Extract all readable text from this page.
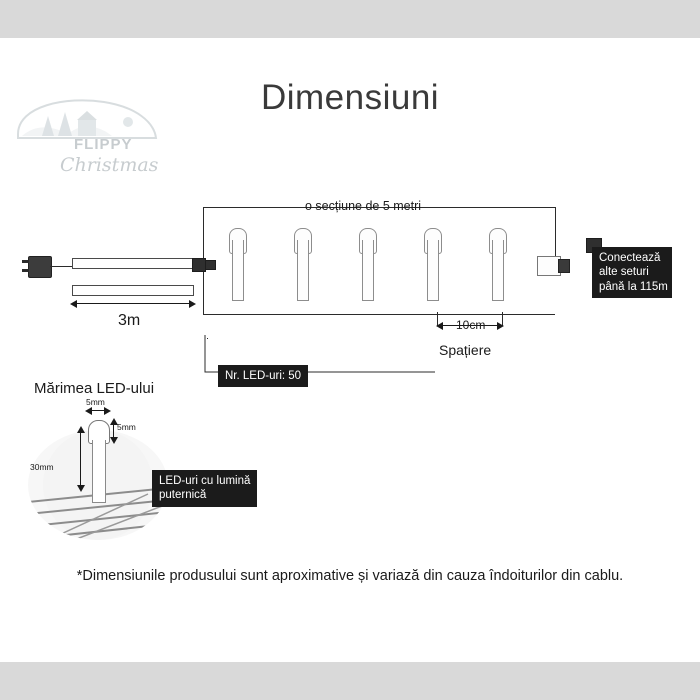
Dimensiuni
FLIPPY
Christmas
o secțiune de 5 metri
3m
Conectează
alte seturi
până la 115m
10cm
Spațiere
Nr. LED-uri: 50
Mărimea LED-ului
5mm
5mm
30mm
LED-uri cu lumină
puternică
*Dimensiunile produsului sunt aproximative și variază din cauza îndoiturilor din cablu.
